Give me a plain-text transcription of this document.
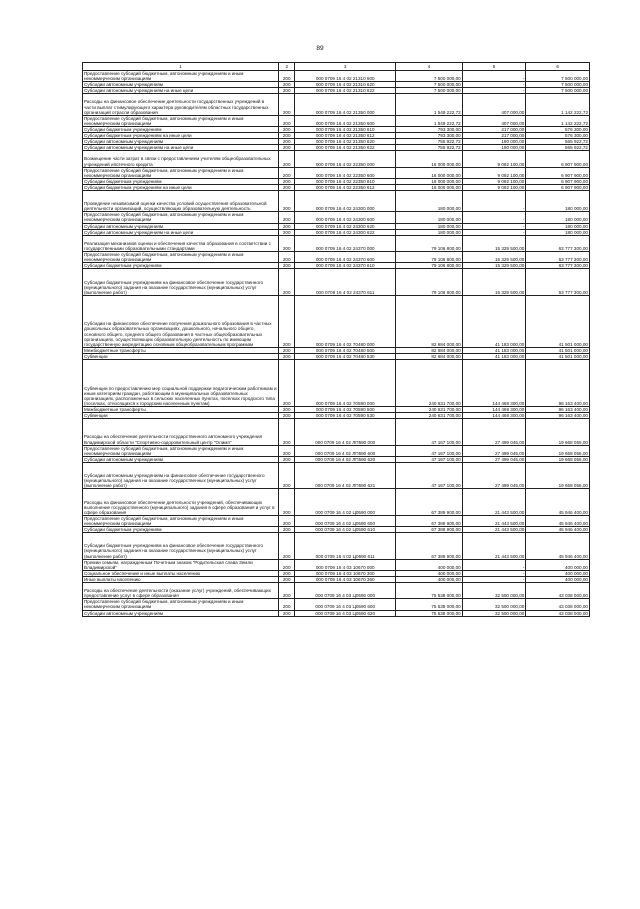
89
1	2	3	4	5	6
Предоставление субсидий бюджетным, автономным учреждениям и иным некоммерческим организациям	200	000 0709 16 4 02 21310 600	7 500 000,00	-	7 500 000,00
Субсидии автономным учреждениям	200	000 0709 16 4 02 21310 620	7 500 000,00	-	7 500 000,00
Субсидии автономным учреждениям на иные цели	200	000 0709 16 4 02 21310 622	7 500 000,00	-	7 500 000,00
Расходы на финансовое обеспечение деятельности государственных учреждений в части выплат стимулирующего характера руководителям областных государственных организаций отрасли образования	200	000 0709 16 4 02 21350 000	1 549 222,72	407 000,00	1 142 222,72
Предоставление субсидий бюджетным, автономным учреждениям и иным некоммерческим организациям	200	000 0709 16 4 02 21350 600	1 549 222,72	407 000,00	1 142 222,72
Субсидии бюджетным учреждениям	200	000 0709 16 4 02 21350 610	793 300,00	217 000,00	576 300,00
Субсидии бюджетным учреждениям на иные цели	200	000 0709 16 4 02 21350 612	793 300,00	217 000,00	576 300,00
Субсидии автономным учреждениям	200	000 0709 16 4 02 21350 620	755 922,72	190 000,00	565 922,72
Субсидии автономным учреждениям на иные цели	200	000 0709 16 4 02 21350 622	755 922,72	190 000,00	565 922,72
Возмещение части затрат в связи с предоставлением учителям общеобразовательных учреждений ипотечного кредита	200	000 0709 16 4 02 22350 000	16 000 000,00	9 092 100,00	6 907 900,00
Предоставление субсидий бюджетным, автономным учреждениям и иным некоммерческим организациям	200	000 0709 16 4 02 22350 600	16 000 000,00	9 092 100,00	6 907 900,00
Субсидии бюджетным учреждениям	200	000 0709 16 4 02 22350 610	16 000 000,00	9 092 100,00	6 907 900,00
Субсидии бюджетным учреждениям на иные цели	200	000 0709 16 4 02 22350 612	16 000 000,00	9 092 100,00	6 907 900,00
Проведение независимой оценки качества условий осуществления образовательной деятельности организаций, осуществляющих образовательную деятельность	200	000 0709 16 4 02 24300 000	180 000,00	-	180 000,00
Предоставление субсидий бюджетным, автономным учреждениям и иным некоммерческим организациям	200	000 0709 16 4 02 24300 600	180 000,00	-	180 000,00
Субсидии автономным учреждениям	200	000 0709 16 4 02 24300 620	180 000,00	-	180 000,00
Субсидии автономным учреждениям на иные цели	200	000 0709 16 4 02 24300 622	180 000,00	-	180 000,00
Реализация механизмов оценки и обеспечения качества образования в соответствии с государственными образовательными стандартами	200	000 0709 16 4 02 24370 000	79 106 800,00	15 329 500,00	63 777 300,00
Предоставление субсидий бюджетным, автономным учреждениям и иным некоммерческим организациям	200	000 0709 16 4 02 24370 600	79 106 800,00	15 329 500,00	63 777 300,00
Субсидии бюджетным учреждениям	200	000 0709 16 4 02 24370 610	79 106 800,00	15 329 500,00	63 777 300,00
Субсидии бюджетным учреждениям на финансовое обеспечение государственного (муниципального) задания на оказание государственных (муниципальных) услуг (выполнение работ)	200	000 0709 16 4 02 24370 611	79 106 800,00	15 329 500,00	63 777 300,00
Субсидии на финансовое обеспечение получения дошкольного образования в частных дошкольных образовательных организациях, дошкольного, начального общего, основного общего, среднего общего образования в частных общеобразовательных организациях, осуществляющих образовательную деятельность по имеющим государственную аккредитацию основным общеобразовательным программам	200	000 0709 16 4 02 70480 000	82 684 000,00	41 183 000,00	41 501 000,00
Межбюджетные трансферты	200	000 0709 16 4 02 70480 500	82 684 000,00	41 183 000,00	41 501 000,00
Субвенции	200	000 0709 16 4 02 70480 530	82 684 000,00	41 183 000,00	41 501 000,00
Субвенции по предоставлению мер социальной поддержки педагогическим работникам и иным категориям граждан, работающим в муниципальных образовательных организациях, расположенных в сельских населенных пунктах, поселках городского типа (поселках, относящихся к городским населенным пунктам)	200	000 0709 16 4 02 70590 000	240 631 700,00	144 468 300,00	96 163 400,00
Межбюджетные трансферты	200	000 0709 16 4 02 70590 500	240 631 700,00	144 468 300,00	96 163 400,00
Субвенции	200	000 0709 16 4 02 70590 530	240 631 700,00	144 468 300,00	96 163 400,00
Расходы на обеспечение деятельности государственного автономного учреждения Владимирской области "Спортивно-оздоровительный центр "Олимп"	200	000 0709 16 4 02 ЛП590 000	47 167 100,00	27 499 045,00	19 668 055,00
Предоставление субсидий бюджетным, автономным учреждениям и иным некоммерческим организациям	200	000 0709 16 4 02 ЛП590 600	47 167 100,00	27 499 045,00	19 668 055,00
Субсидии автономным учреждениям	200	000 0709 16 4 02 ЛП590 620	47 167 100,00	27 499 045,00	19 668 055,00
Субсидии автономным учреждениям на финансовое обеспечение государственного (муниципального) задания на оказание государственных (муниципальных) услуг (выполнение работ)	200	000 0709 16 4 02 ЛП590 621	47 167 100,00	27 499 045,00	19 668 055,00
Расходы на финансовое обеспечение деятельности учреждений, обеспечивающих выполнение государственного (муниципального) задания в сфере образования и услуг в сфере образования	200	000 0709 16 4 02 Ц0590 000	67 389 900,00	21 443 500,00	45 946 400,00
Предоставление субсидий бюджетным, автономным учреждениям и иным некоммерческим организациям	200	000 0709 16 4 02 Ц0590 600	67 389 900,00	21 443 500,00	45 946 400,00
Субсидии бюджетным учреждениям	200	000 0709 16 4 02 Ц0590 610	67 389 900,00	21 443 500,00	45 946 400,00
Субсидии бюджетным учреждениям на финансовое обеспечение государственного (муниципального) задания на оказание государственных (муниципальных) услуг (выполнение работ)	200	000 0709 16 4 02 Ц0590 611	67 389 900,00	21 443 500,00	45 946 400,00
Премии семьям, награжденным Почетным знаком "Родительская слава Земли Владимирской"	200	000 0709 16 4 03 10670 000	400 000,00	-	400 000,00
Социальное обеспечение и иные выплаты населению	200	000 0709 16 4 03 10670 300	400 000,00	-	400 000,00
Иные выплаты населению	200	000 0709 16 4 03 10670 360	400 000,00	-	400 000,00
Расходы на обеспечение деятельности (оказание услуг) учреждений, обеспечивающих предоставление услуг в сфере образования	200	000 0709 16 4 03 Ц0590 000	75 538 000,00	32 500 000,00	43 038 000,00
Предоставление субсидий бюджетным, автономным учреждениям и иным некоммерческим организациям	200	000 0709 16 4 03 Ц0590 600	75 538 000,00	32 500 000,00	43 038 000,00
Субсидии автономным учреждениям	200	000 0709 16 4 03 Ц0590 620	75 538 000,00	32 500 000,00	43 038 000,00
